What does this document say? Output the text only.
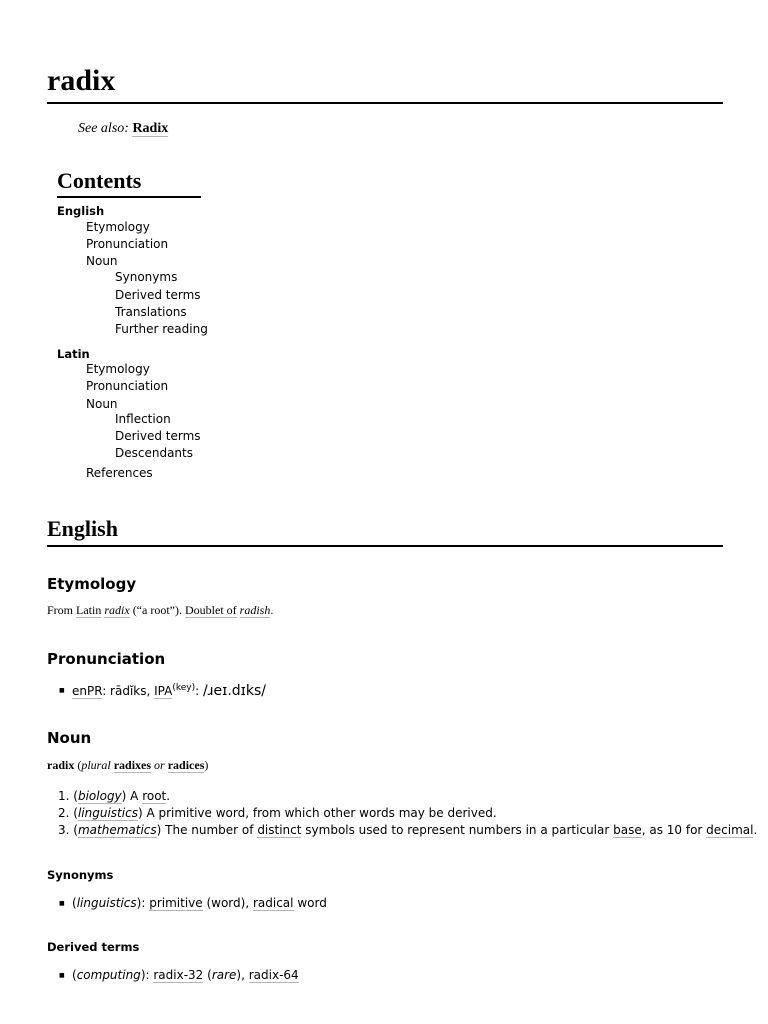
radix
See also: Radix
Contents
English
Etymology
Pronunciation
Noun
Synonyms
Derived terms
Translations
Further reading
Latin
Etymology
Pronunciation
Noun
Inflection
Derived terms
Descendants
References
English
Etymology
From Latin radix (“a root”). Doublet of radish.
Pronunciation
■ enPR: rādĭks, $IPA^{(key)}$: /ɹeɪ.dɪks/
Noun
radix (plural radixes or radices)
1. (biology) A root.
2. (linguistics) A primitive word, from which other words may be derived.
3. (mathematics) The number of distinct symbols used to represent numbers in a particular base, as 10 for decimal.
Synonyms
■ (linguistics): primitive (word), radical word
Derived terms
■ (computing): radix-32 (rare), radix-64
